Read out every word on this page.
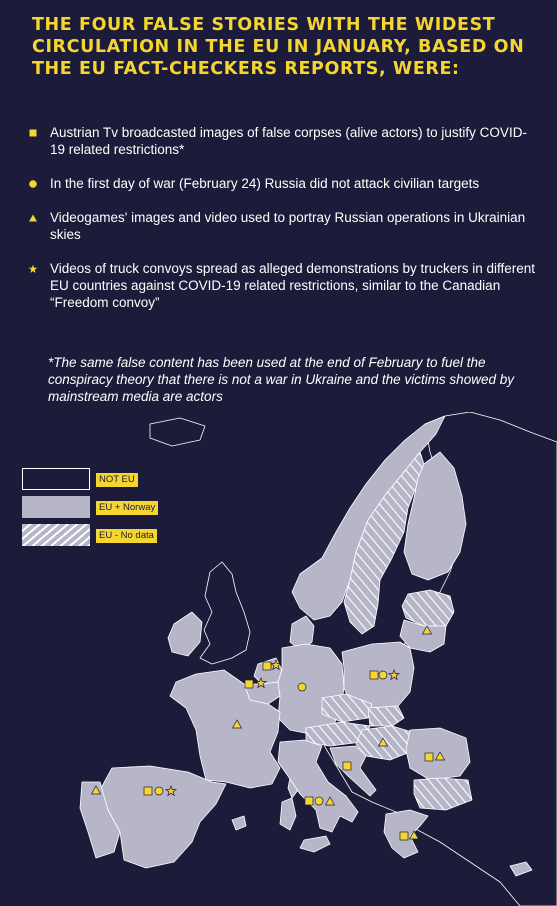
THE FOUR FALSE STORIES WITH THE WIDEST CIRCULATION IN THE EU IN JANUARY, BASED ON THE EU FACT-CHECKERS REPORTS, WERE:
Austrian Tv broadcasted images of false corpses (alive actors) to justify COVID-19 related restrictions*
In the first day of war (February 24) Russia did not attack civilian targets
Videogames' images and video used to portray Russian operations in Ukrainian skies
Videos of truck convoys spread as alleged demonstrations by truckers in different EU countries against COVID-19 related restrictions, similar to the Canadian “Freedom convoy”
*The same false content has been used at the end of February to fuel the conspiracy theory that there is not a war in Ukraine and the victims showed by mainstream media are actors
NOT EU
EU + Norway
EU - No data
